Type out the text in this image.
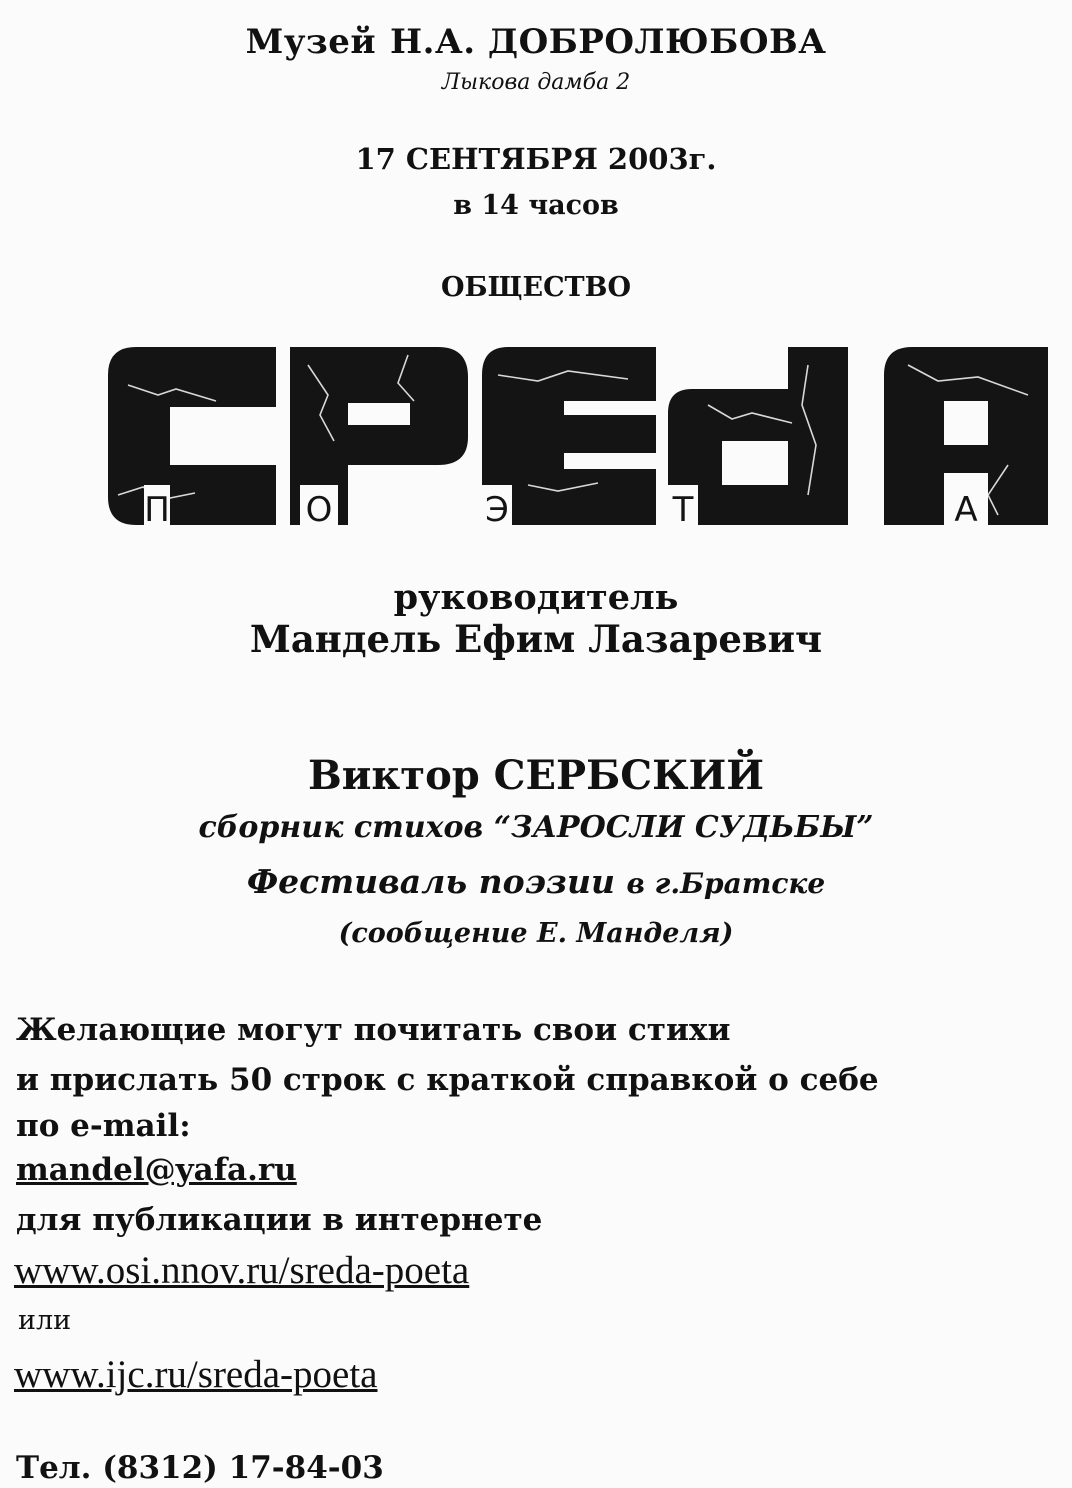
Музей Н.А. ДОБРОЛЮБОВА
Лыкова дамба 2
17 СЕНТЯБРЯ 2003г.
в 14 часов
ОБЩЕСТВО
П	О	Э	Т	А
руководитель
Мандель Ефим Лазаревич
Виктор СЕРБСКИЙ
сборник стихов “ЗАРОСЛИ СУДЬБЫ”
Фестиваль поэзии в г.Братске
(сообщение Е. Манделя)
Желающие могут почитать свои стихи
и прислать 50 строк с краткой справкой о себе
по e-mail:
mandel@yafa.ru
для публикации в интернете
www.osi.nnov.ru/sreda-poeta
или
www.ijc.ru/sreda-poeta
Тел. (8312) 17-84-03
